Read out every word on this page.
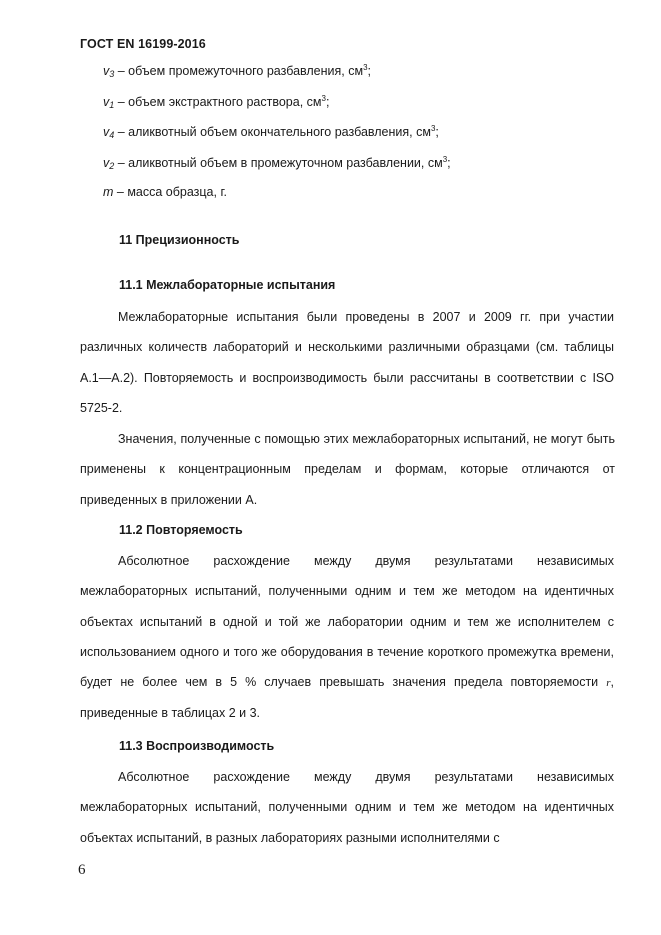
ГОСТ EN 16199-2016
v3 – объем промежуточного разбавления, $см^3$;
v1 – объем экстрактного раствора, $см^3$;
v4 – аликвотный объем окончательного разбавления, $см^3$;
v2 – аликвотный объем в промежуточном разбавлении, $см^3$;
m – масса образца, г.
11 Прецизионность
11.1 Межлабораторные испытания

Межлабораторные испытания были проведены в 2007 и 2009 гг. при участии различных количеств лабораторий и несколькими различными образцами (см. таблицы А.1—А.2). Повторяемость и воспроизводимость были рассчитаны в соответствии с ISO 5725-2.

Значения, полученные с помощью этих межлабораторных испытаний, не могут быть применены к концентрационным пределам и формам, которые отличаются от приведенных в приложении А.

11.2 Повторяемость

Абсолютное расхождение между двумя результатами независимых межлабораторных испытаний, полученными одним и тем же методом на идентичных объектах испытаний в одной и той же лаборатории одним и тем же исполнителем с использованием одного и того же оборудования в течение короткого промежутка времени, будет не более чем в 5 % случаев превышать значения предела повторяемости r, приведенные в таблицах 2 и 3.

11.3 Воспроизводимость

Абсолютное расхождение между двумя результатами независимых межлабораторных испытаний, полученными одним и тем же методом на идентичных объектах испытаний, в разных лабораториях разными исполнителями с

6
